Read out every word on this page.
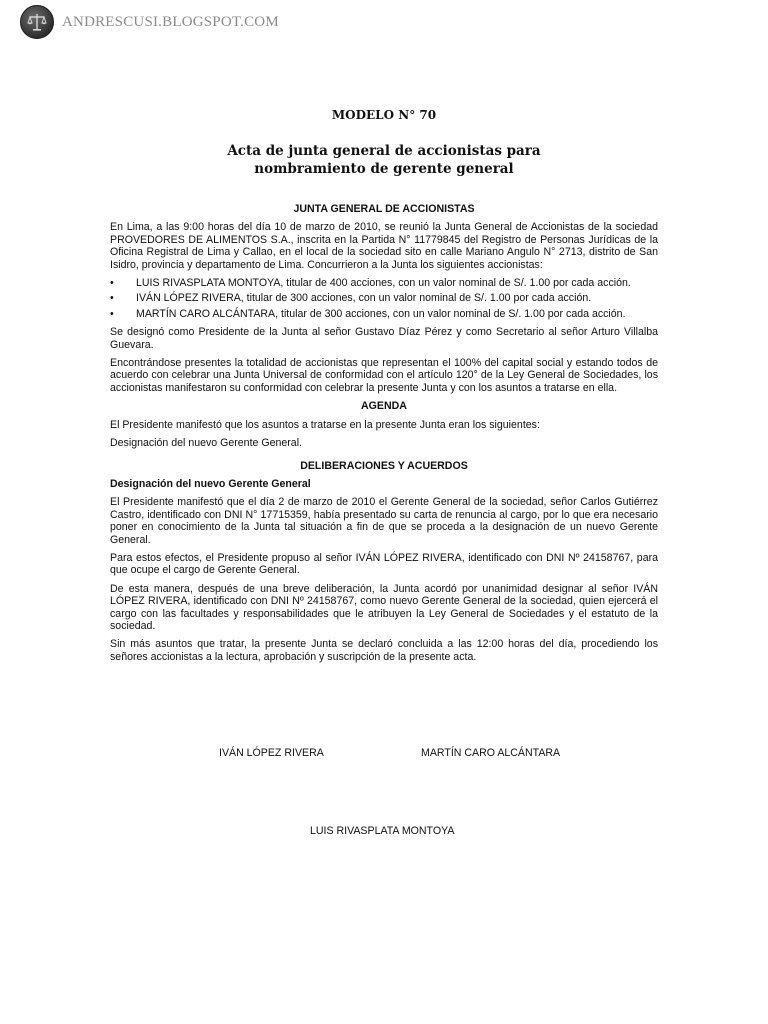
ANDRESCUSI.BLOGSPOT.COM
MODELO N° 70
Acta de junta general de accionistas para
nombramiento de gerente general
JUNTA GENERAL DE ACCIONISTAS

En Lima, a las 9:00 horas del día 10 de marzo de 2010, se reunió la Junta General de Accionistas de la sociedad PROVEDORES DE ALIMENTOS S.A., inscrita en la Partida N° 11779845 del Registro de Personas Jurídicas de la Oficina Registral de Lima y Callao, en el local de la sociedad sito en calle Mariano Angulo N° 2713, distrito de San Isidro, provincia y departamento de Lima. Concurrieron a la Junta los siguientes accionistas:

• LUIS RIVASPLATA MONTOYA, titular de 400 acciones, con un valor nominal de S/. 1.00 por cada acción.
• IVÁN LÓPEZ RIVERA, titular de 300 acciones, con un valor nominal de S/. 1.00 por cada acción.
• MARTÍN CARO ALCÁNTARA, titular de 300 acciones, con un valor nominal de S/. 1.00 por cada acción.

Se designó como Presidente de la Junta al señor Gustavo Díaz Pérez y como Secretario al señor Arturo Villalba Guevara.

Encontrándose presentes la totalidad de accionistas que representan el 100% del capital social y estando todos de acuerdo con celebrar una Junta Universal de conformidad con el artículo 120° de la Ley General de Sociedades, los accionistas manifestaron su conformidad con celebrar la presente Junta y con los asuntos a tratarse en ella.

AGENDA

El Presidente manifestó que los asuntos a tratarse en la presente Junta eran los siguientes:

Designación del nuevo Gerente General.

DELIBERACIONES Y ACUERDOS

Designación del nuevo Gerente General

El Presidente manifestó que el día 2 de marzo de 2010 el Gerente General de la sociedad, señor Carlos Gutiérrez Castro, identificado con DNI N° 17715359, había presentado su carta de renuncia al cargo, por lo que era necesario poner en conocimiento de la Junta tal situación a fin de que se proceda a la designación de un nuevo Gerente General.

Para estos efectos, el Presidente propuso al señor IVÁN LÓPEZ RIVERA, identificado con DNI Nº 24158767, para que ocupe el cargo de Gerente General.

De esta manera, después de una breve deliberación, la Junta acordó por unanimidad designar al señor IVÁN LÓPEZ RIVERA, identificado con DNI Nº 24158767, como nuevo Gerente General de la sociedad, quien ejercerá el cargo con las facultades y responsabilidades que le atribuyen la Ley General de Sociedades y el estatuto de la sociedad.

Sin más asuntos que tratar, la presente Junta se declaró concluida a las 12:00 horas del día, procediendo los señores accionistas a la lectura, aprobación y suscripción de la presente acta.

IVÁN LÓPEZ RIVERA	MARTÍN CARO ALCÁNTARA
LUIS RIVASPLATA MONTOYA
